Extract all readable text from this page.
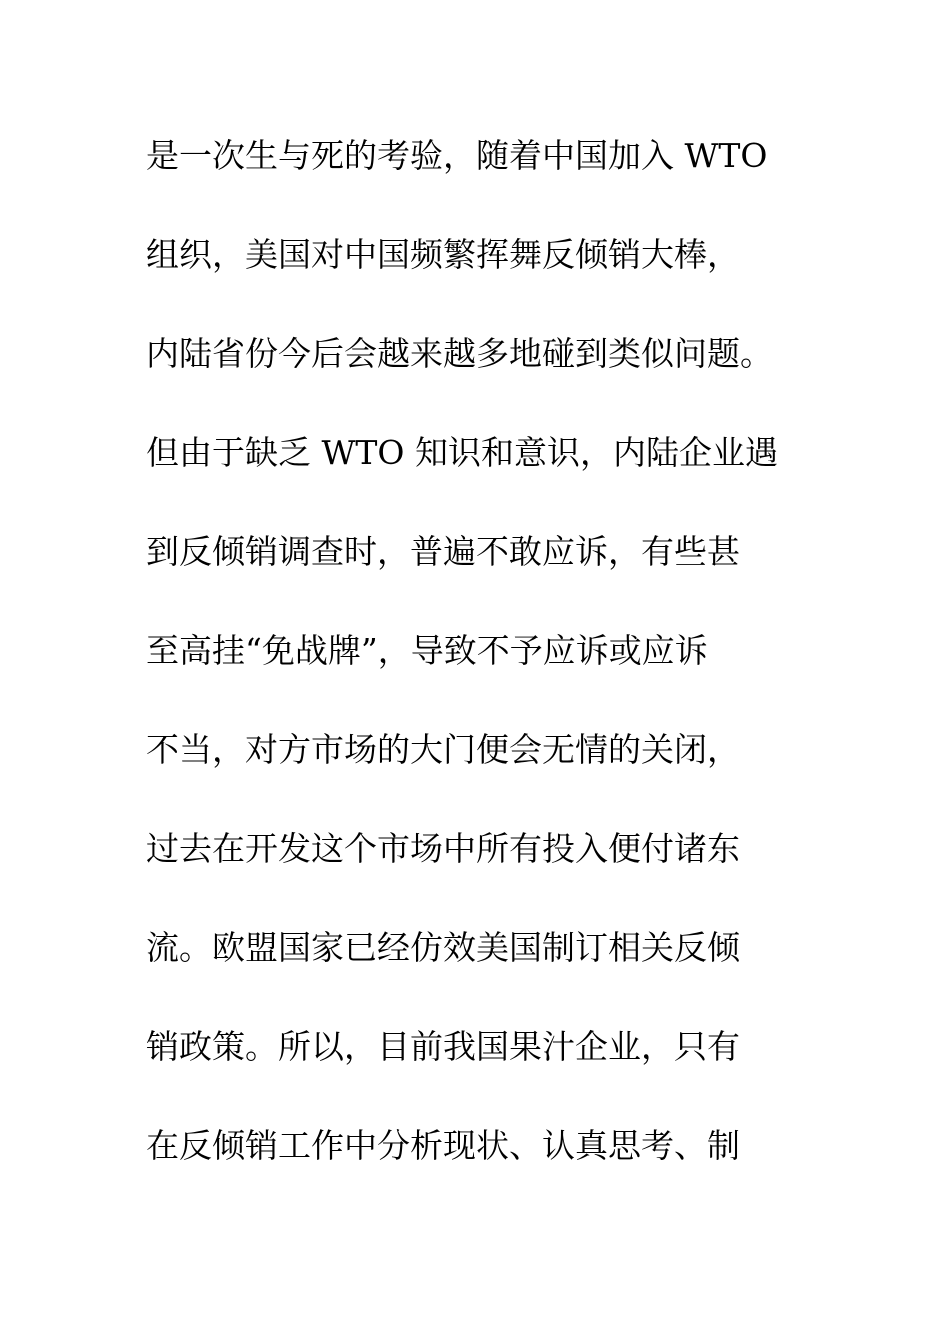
是一次生与死的考验，随着中国加入 WTO
组织，美国对中国频繁挥舞反倾销大棒，
内陆省份今后会越来越多地碰到类似问题。
但由于缺乏 WTO 知识和意识，内陆企业遇
到反倾销调查时，普遍不敢应诉，有些甚
至高挂“免战牌”，导致不予应诉或应诉
不当，对方市场的大门便会无情的关闭，
过去在开发这个市场中所有投入便付诸东
流。欧盟国家已经仿效美国制订相关反倾
销政策。所以，目前我国果汁企业，只有
在反倾销工作中分析现状、认真思考、制
